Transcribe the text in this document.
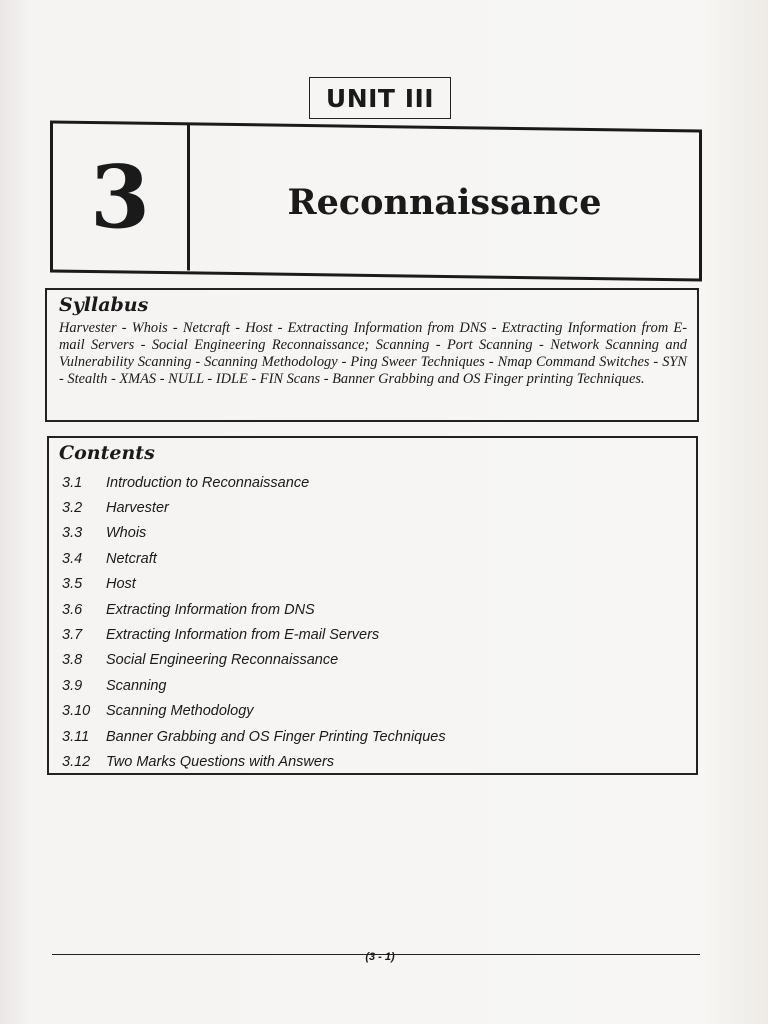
UNIT III
3	Reconnaissance
Syllabus

Harvester - Whois - Netcraft - Host - Extracting Information from DNS - Extracting Information from E-mail Servers - Social Engineering Reconnaissance; Scanning - Port Scanning - Network Scanning and Vulnerability Scanning - Scanning Methodology - Ping Sweer Techniques - Nmap Command Switches - SYN - Stealth - XMAS - NULL - IDLE - FIN Scans - Banner Grabbing and OS Finger printing Techniques.

Contents
3.1	Introduction to Reconnaissance
3.2	Harvester
3.3	Whois
3.4	Netcraft
3.5	Host
3.6	Extracting Information from DNS
3.7	Extracting Information from E-mail Servers
3.8	Social Engineering Reconnaissance
3.9	Scanning
3.10	Scanning Methodology
3.11	Banner Grabbing and OS Finger Printing Techniques
3.12	Two Marks Questions with Answers
(3 - 1)
